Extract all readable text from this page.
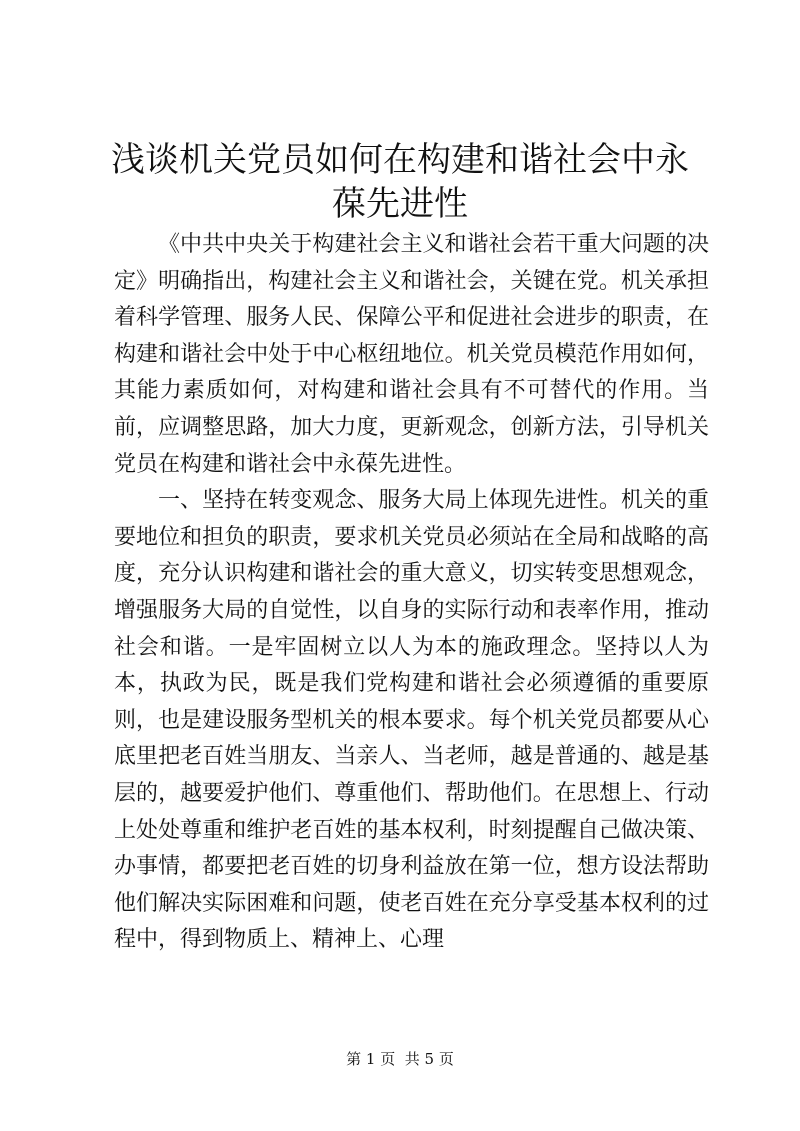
浅谈机关党员如何在构建和谐社会中永葆先进性

《中共中央关于构建社会主义和谐社会若干重大问题的决定》明确指出，构建社会主义和谐社会，关键在党。机关承担着科学管理、服务人民、保障公平和促进社会进步的职责，在构建和谐社会中处于中心枢纽地位。机关党员模范作用如何，其能力素质如何，对构建和谐社会具有不可替代的作用。当前，应调整思路，加大力度，更新观念，创新方法，引导机关党员在构建和谐社会中永葆先进性。

一、坚持在转变观念、服务大局上体现先进性。机关的重要地位和担负的职责，要求机关党员必须站在全局和战略的高度，充分认识构建和谐社会的重大意义，切实转变思想观念，增强服务大局的自觉性，以自身的实际行动和表率作用，推动社会和谐。一是牢固树立以人为本的施政理念。坚持以人为本，执政为民，既是我们党构建和谐社会必须遵循的重要原则，也是建设服务型机关的根本要求。每个机关党员都要从心底里把老百姓当朋友、当亲人、当老师，越是普通的、越是基层的，越要爱护他们、尊重他们、帮助他们。在思想上、行动上处处尊重和维护老百姓的基本权利，时刻提醒自己做决策、办事情，都要把老百姓的切身利益放在第一位，想方设法帮助他们解决实际困难和问题，使老百姓在充分享受基本权利的过程中，得到物质上、精神上、心理

第 1 页  共 5 页
